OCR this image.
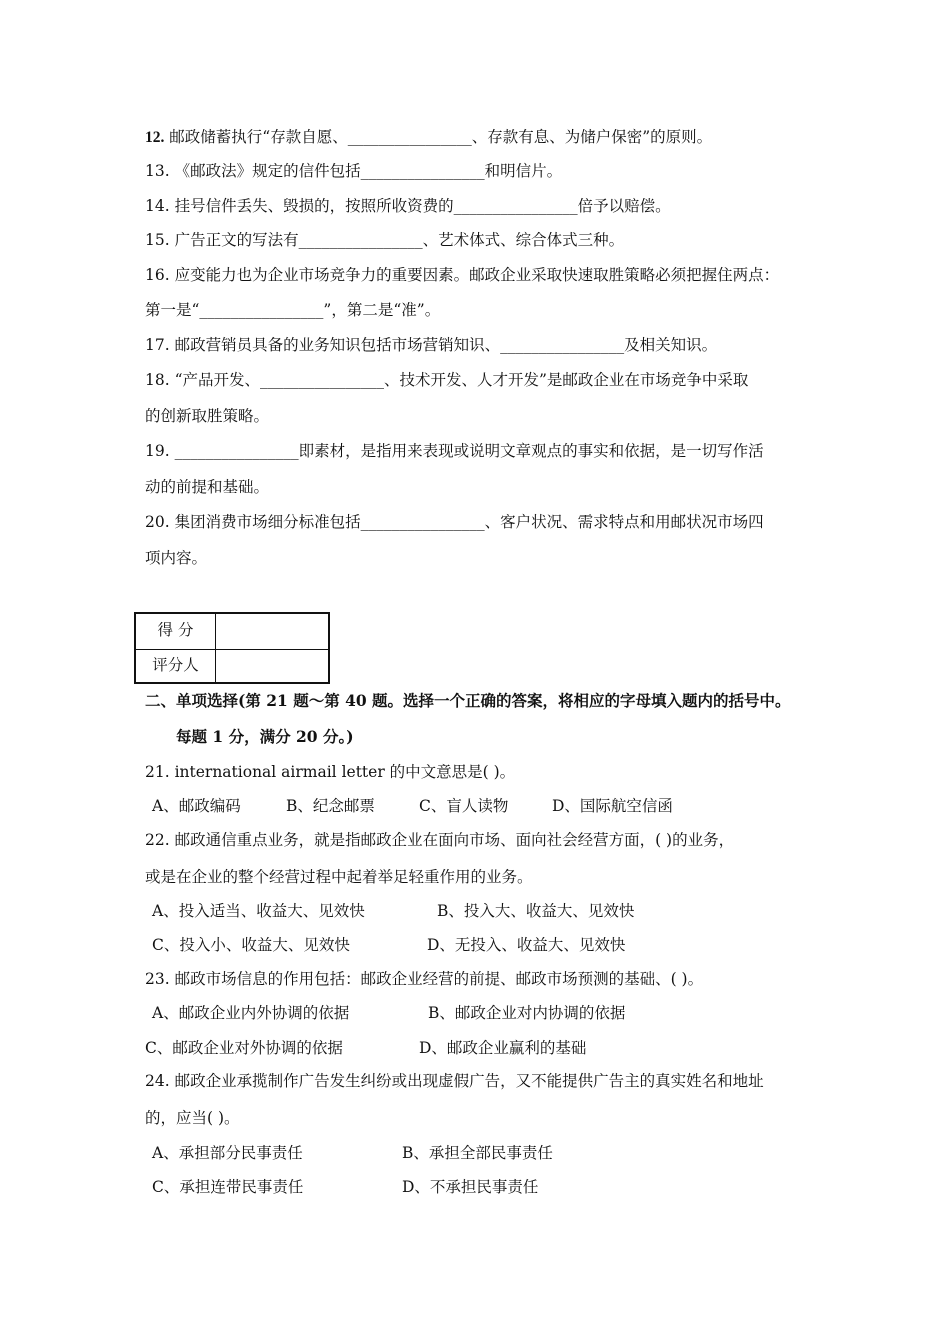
12. 邮政储蓄执行“存款自愿、________________、存款有息、为储户保密”的原则。
13. 《邮政法》规定的信件包括________________和明信片。
14. 挂号信件丢失、毁损的，按照所收资费的________________倍予以赔偿。
15. 广告正文的写法有________________、艺术体式、综合体式三种。
16. 应变能力也为企业市场竞争力的重要因素。邮政企业采取快速取胜策略必须把握住两点：
第一是“________________”，第二是“准”。
17. 邮政营销员具备的业务知识包括市场营销知识、________________及相关知识。
18. “产品开发、________________、技术开发、人才开发”是邮政企业在市场竞争中采取
的创新取胜策略。
19. ________________即素材，是指用来表现或说明文章观点的事实和依据，是一切写作活
动的前提和基础。
20. 集团消费市场细分标准包括________________、客户状况、需求特点和用邮状况市场四
项内容。
得 分
评分人
二、单项选择(第 21 题～第 40 题。选择一个正确的答案，将相应的字母填入题内的括号中。
每题 1 分，满分 20 分。)
21. international airmail letter 的中文意思是( )。
A、邮政编码	B、纪念邮票	C、盲人读物	D、国际航空信函
22. 邮政通信重点业务，就是指邮政企业在面向市场、面向社会经营方面，( )的业务，
或是在企业的整个经营过程中起着举足轻重作用的业务。
A、投入适当、收益大、见效快	B、投入大、收益大、见效快
C、投入小、收益大、见效快	D、无投入、收益大、见效快
23. 邮政市场信息的作用包括：邮政企业经营的前提、邮政市场预测的基础、( )。
A、邮政企业内外协调的依据	B、邮政企业对内协调的依据
C、邮政企业对外协调的依据	D、邮政企业赢利的基础
24. 邮政企业承揽制作广告发生纠纷或出现虚假广告，又不能提供广告主的真实姓名和地址
的，应当( )。
A、承担部分民事责任	B、承担全部民事责任
C、承担连带民事责任	D、不承担民事责任
